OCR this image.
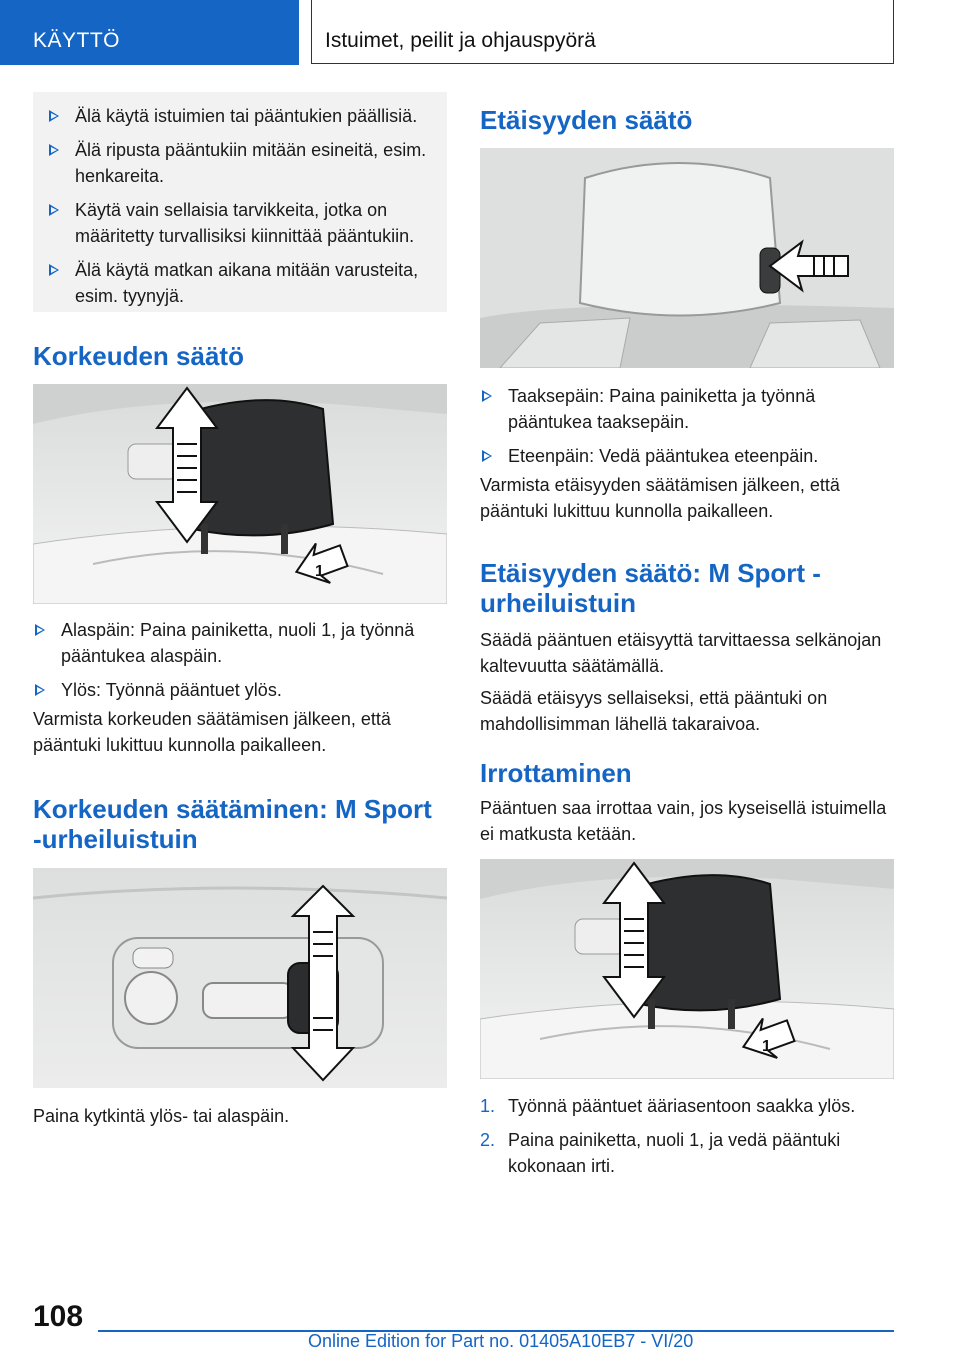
KÄYTTÖ	Istuimet, peilit ja ohjauspyörä
Älä käytä istuimien tai pääntukien päällisiä.
Älä ripusta pääntukiin mitään esineitä, esim. henkareita.
Käytä vain sellaisia tarvikkeita, jotka on määritetty turvallisiksi kiinnittää pääntukiin.
Älä käytä matkan aikana mitään varusteita, esim. tyynyjä.
Korkeuden säätö
1
Alaspäin: Paina painiketta, nuoli 1, ja työnnä pääntukea alaspäin.
Ylös: Työnnä pääntuet ylös.

Varmista korkeuden säätämisen jälkeen, että pääntuki lukittuu kunnolla paikalleen.

Korkeuden säätäminen: M Sport -urheiluistuin

Paina kytkintä ylös- tai alaspäin.

Etäisyyden säätö
Taaksepäin: Paina painiketta ja työnnä pääntukea taaksepäin.
Eteenpäin: Vedä pääntukea eteenpäin.

Varmista etäisyyden säätämisen jälkeen, että pääntuki lukittuu kunnolla paikalleen.

Etäisyyden säätö: M Sport -urheiluistuin

Säädä pääntuen etäisyyttä tarvittaessa selkänojan kaltevuutta säätämällä.

Säädä etäisyys sellaiseksi, että pääntuki on mahdollisimman lähellä takaraivoa.

Irrottaminen

Pääntuen saa irrottaa vain, jos kyseisellä istuimella ei matkusta ketään.

1
1. Työnnä pääntuet ääriasentoon saakka ylös.
2. Paina painiketta, nuoli 1, ja vedä pääntuki kokonaan irti.
108
Online Edition for Part no. 01405A10EB7 - VI/20
